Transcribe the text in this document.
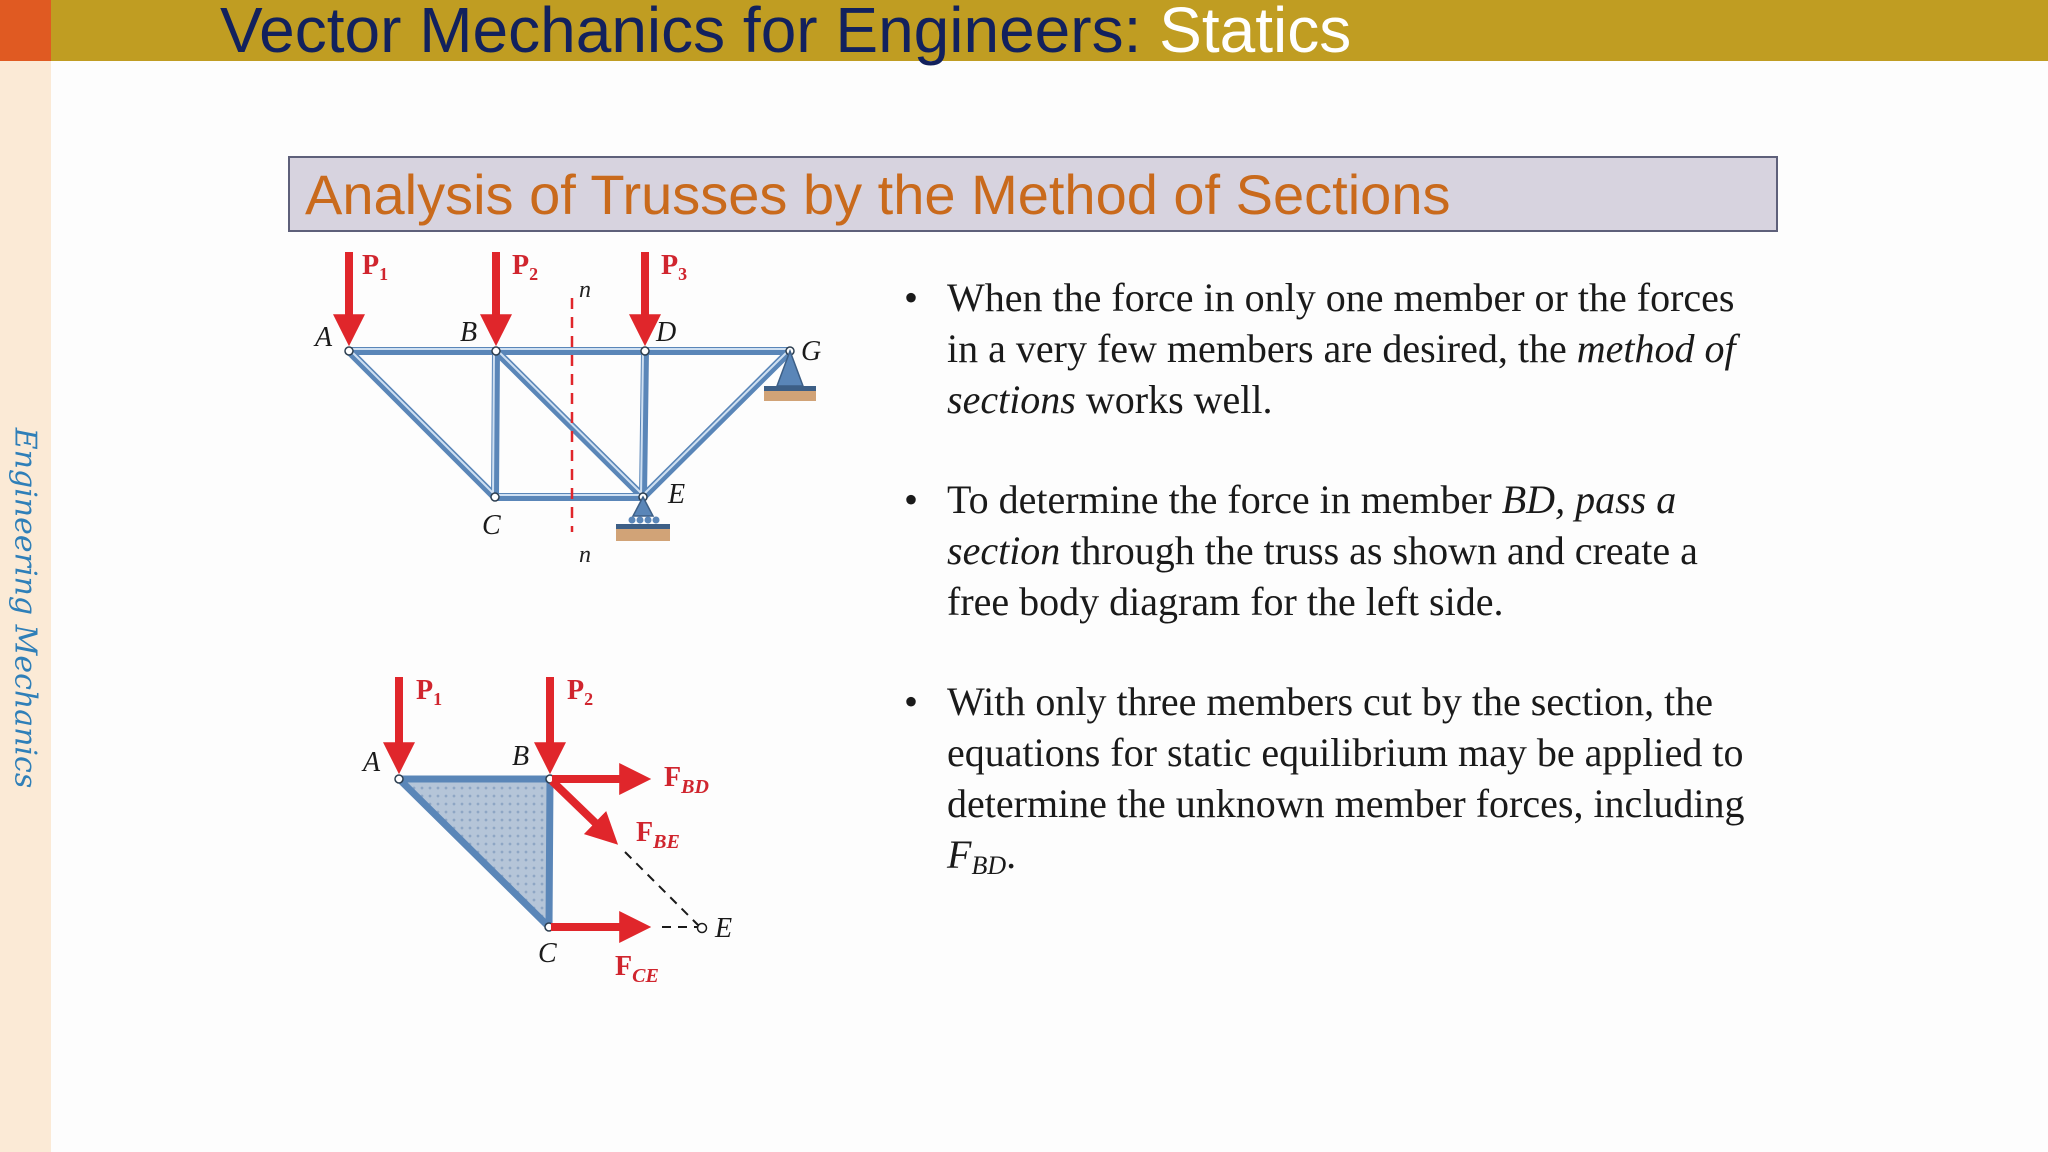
Vector Mechanics for Engineers: Statics
Engineering Mechanics
Analysis of Trusses by the Method of Sections
n
n
$P_1$	$P_2$	$P_3$
A	B	D
G
C
E
$P_1$	$P_2$
$F_{BD}$
$F_{BE}$
$F_{CE}$
A	B
C
E
• When the force in only one member or the forces in a very few members are desired, the method of sections works well.
• To determine the force in member BD, pass a section through the truss as shown and create a free body diagram for the left side.
• With only three members cut by the section, the equations for static equilibrium may be applied to determine the unknown member forces, including $F_{BD}$.
